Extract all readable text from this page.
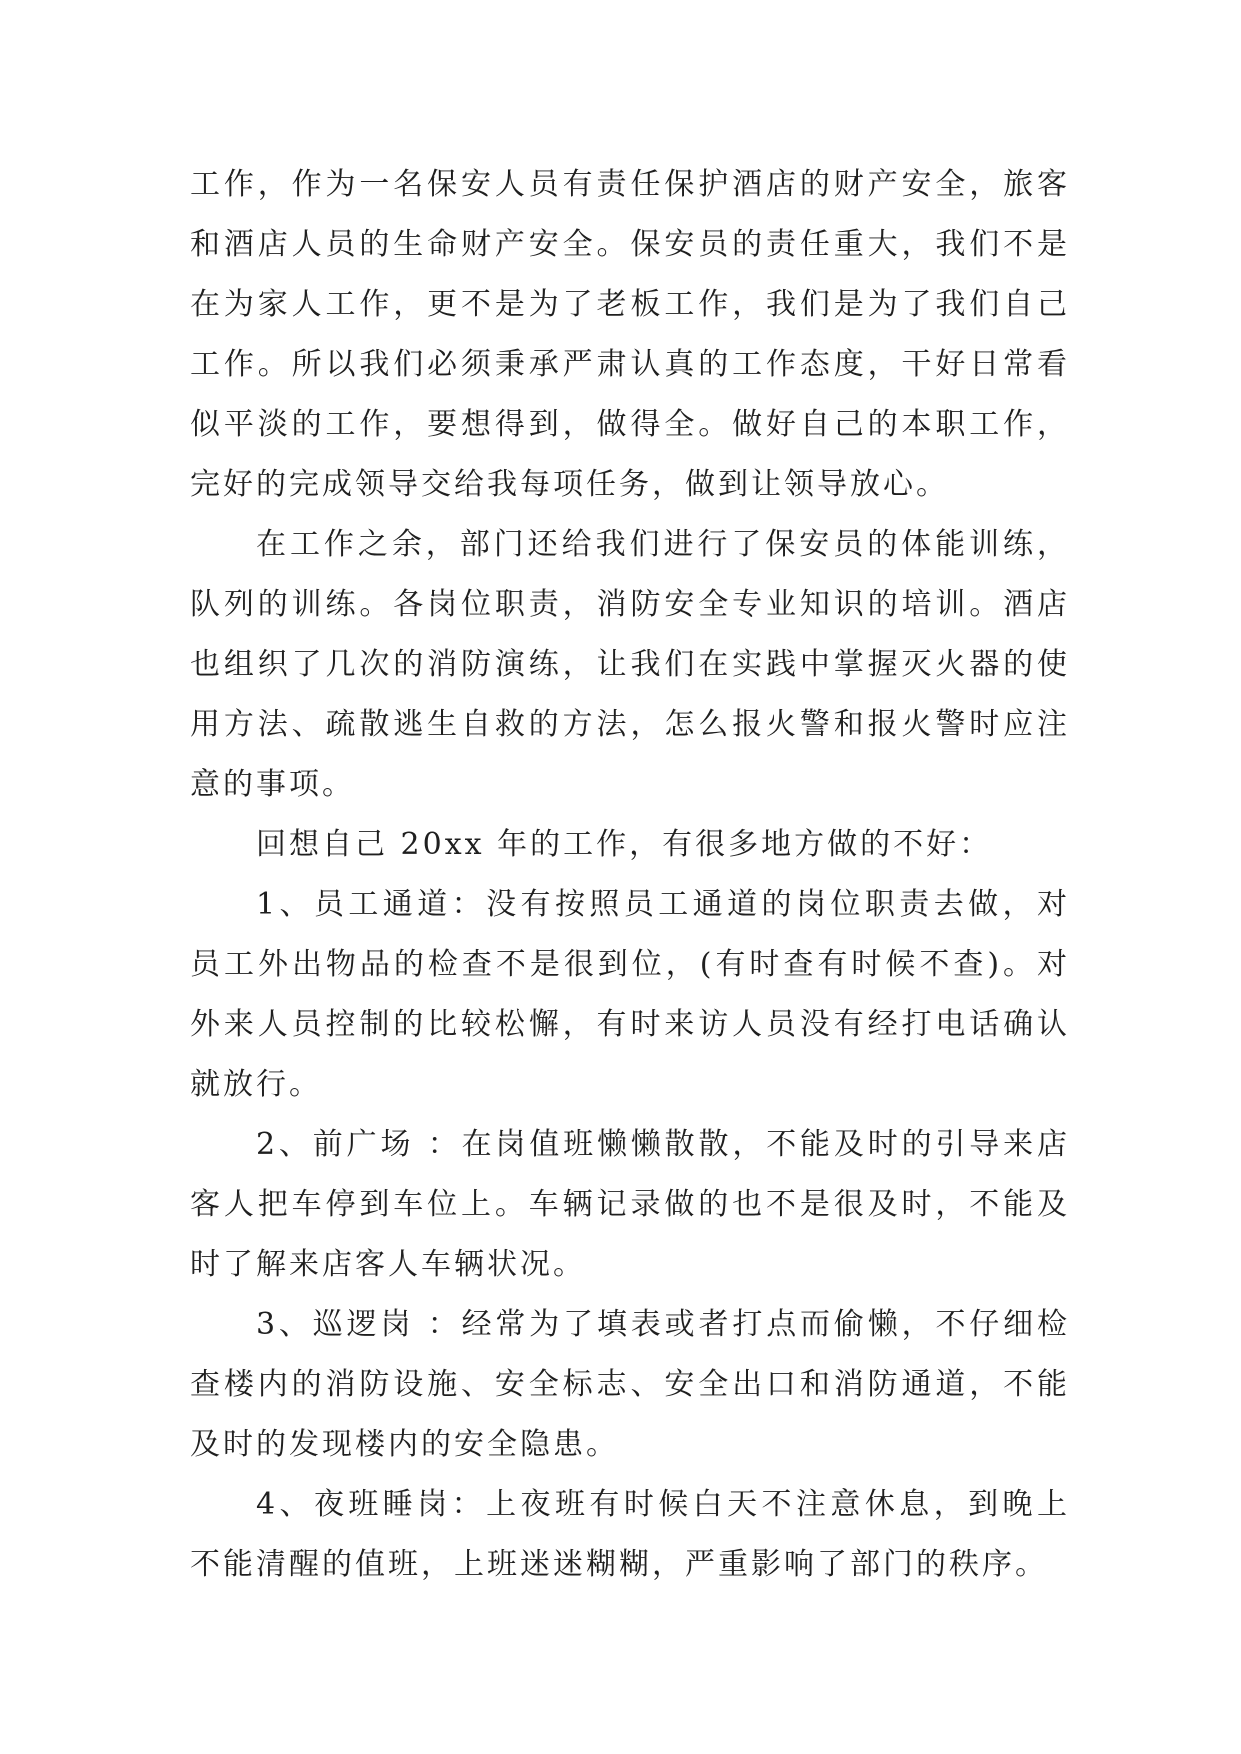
工作，作为一名保安人员有责任保护酒店的财产安全，旅客和酒店人员的生命财产安全。保安员的责任重大，我们不是在为家人工作，更不是为了老板工作，我们是为了我们自己工作。所以我们必须秉承严肃认真的工作态度，干好日常看似平淡的工作，要想得到，做得全。做好自己的本职工作，完好的完成领导交给我每项任务，做到让领导放心。

在工作之余，部门还给我们进行了保安员的体能训练，队列的训练。各岗位职责，消防安全专业知识的培训。酒店也组织了几次的消防演练，让我们在实践中掌握灭火器的使用方法、疏散逃生自救的方法，怎么报火警和报火警时应注意的事项。

回想自己 20xx 年的工作，有很多地方做的不好：

1、员工通道：没有按照员工通道的岗位职责去做，对员工外出物品的检查不是很到位，(有时查有时候不查)。对外来人员控制的比较松懈，有时来访人员没有经打电话确认就放行。

2、前广场 ：在岗值班懒懒散散，不能及时的引导来店客人把车停到车位上。车辆记录做的也不是很及时，不能及时了解来店客人车辆状况。

3、巡逻岗 ：经常为了填表或者打点而偷懒，不仔细检查楼内的消防设施、安全标志、安全出口和消防通道，不能及时的发现楼内的安全隐患。

4、夜班睡岗：上夜班有时候白天不注意休息，到晚上不能清醒的值班，上班迷迷糊糊，严重影响了部门的秩序。
